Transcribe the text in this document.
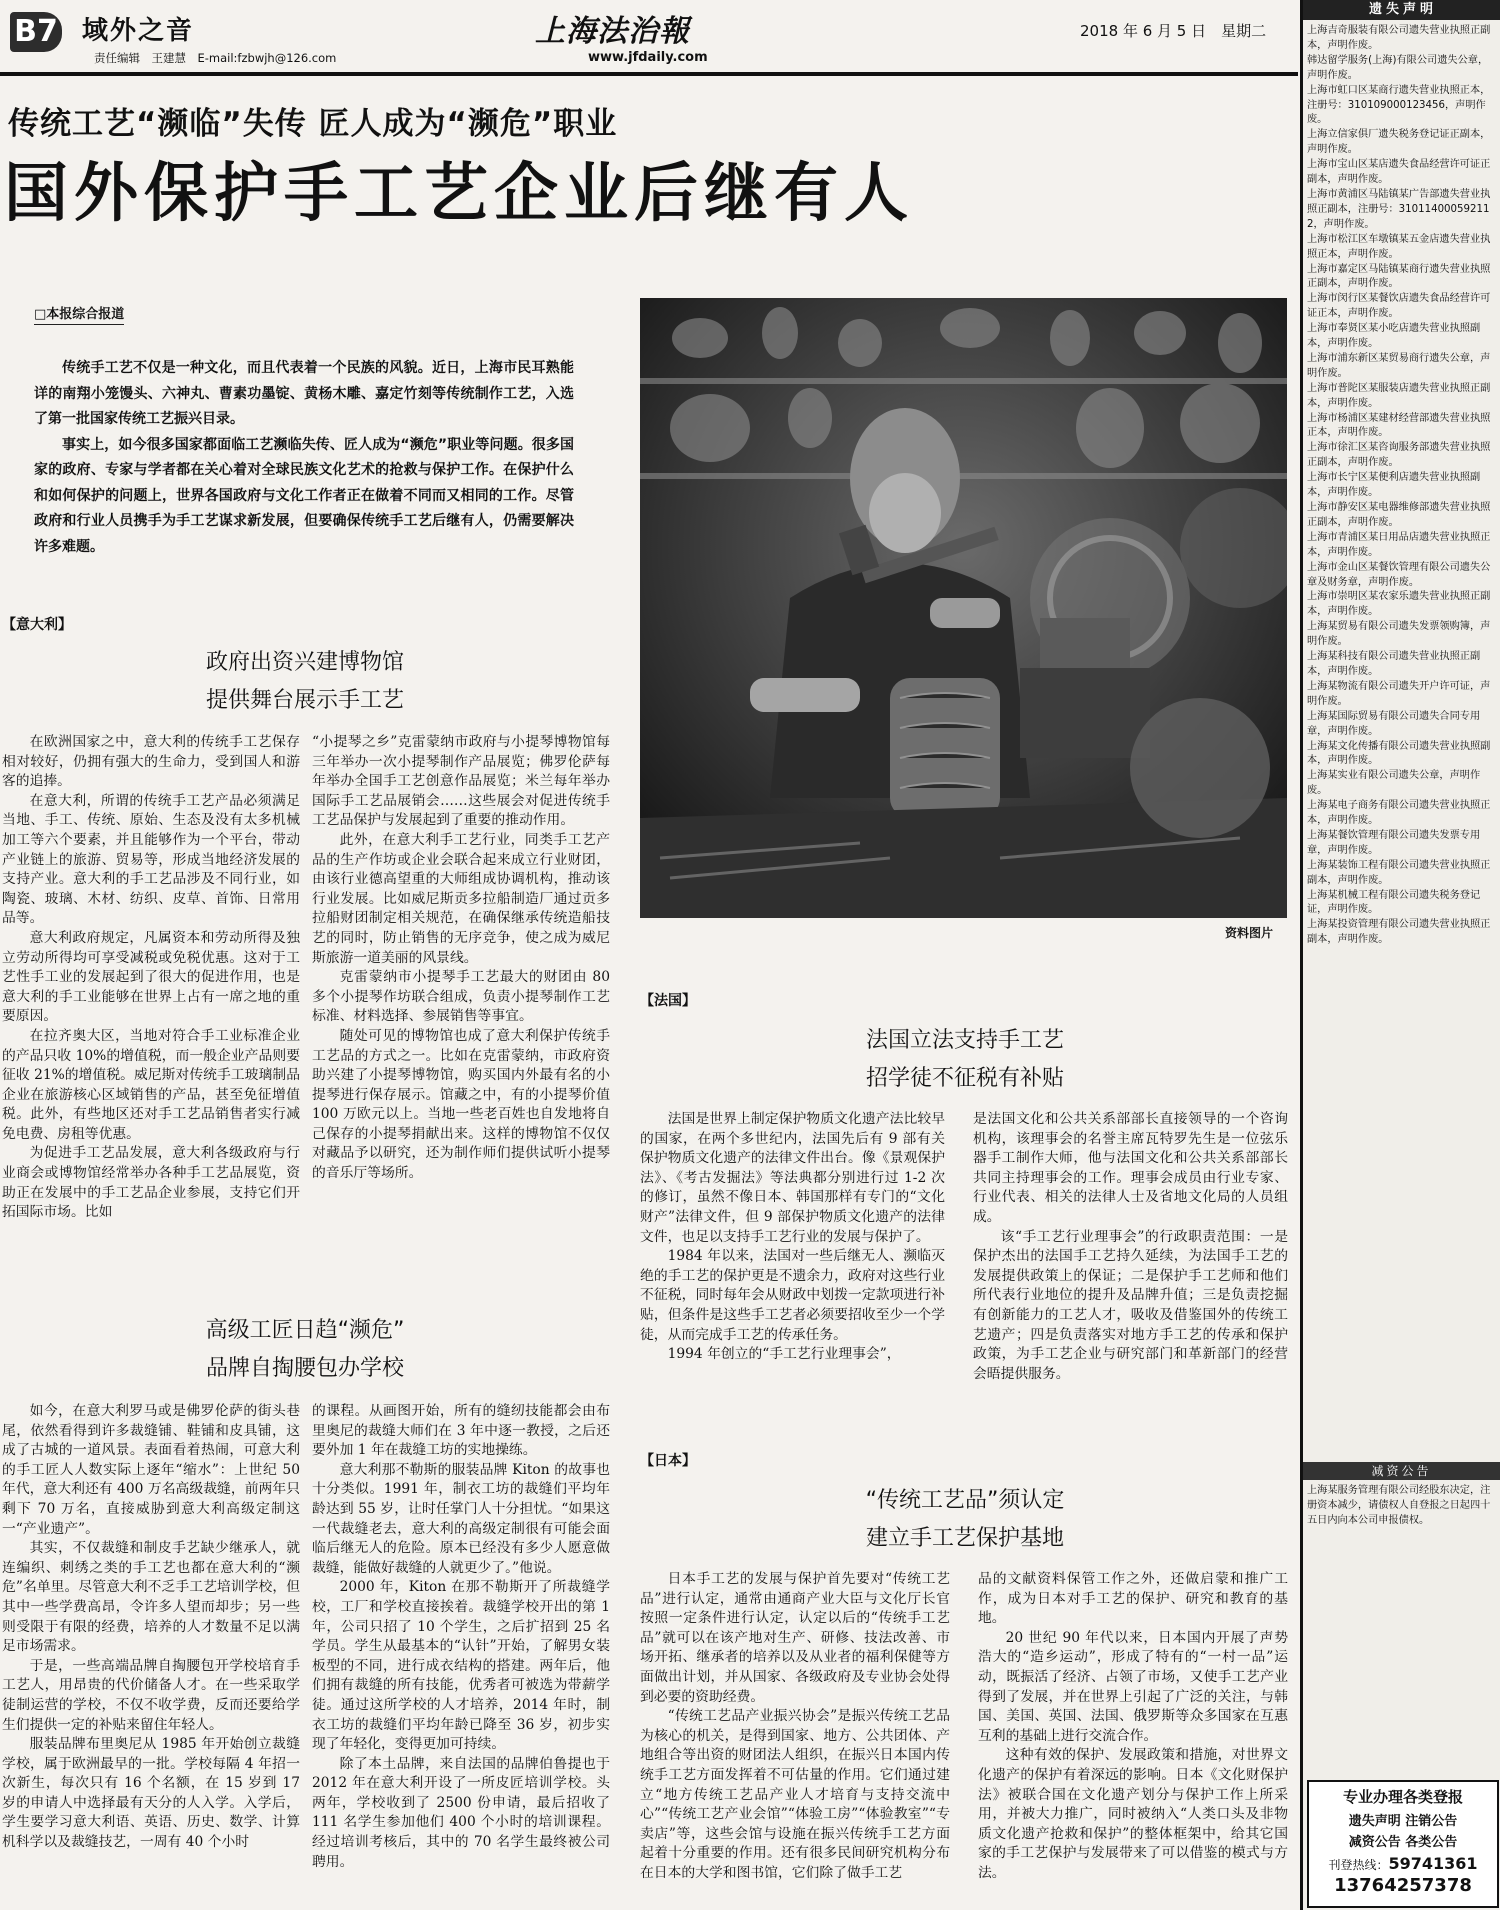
B7 域外之音
责任编辑　王建慧　E-mail:fzbwjh@126.com
上海法治報
www.jfdaily.com
2018 年 6 月 5 日　星期二
传统工艺“濒临”失传 匠人成为“濒危”职业
国外保护手工艺企业后继有人
□本报综合报道

传统手工艺不仅是一种文化，而且代表着一个民族的风貌。近日，上海市民耳熟能详的南翔小笼馒头、六神丸、曹素功墨锭、黄杨木雕、嘉定竹刻等传统制作工艺，入选了第一批国家传统工艺振兴目录。

事实上，如今很多国家都面临工艺濒临失传、匠人成为“濒危”职业等问题。很多国家的政府、专家与学者都在关心着对全球民族文化艺术的抢救与保护工作。在保护什么和如何保护的问题上，世界各国政府与文化工作者正在做着不同而又相同的工作。尽管政府和行业人员携手为手工艺谋求新发展，但要确保传统手工艺后继有人，仍需要解决许多难题。

资料图片
【意大利】
政府出资兴建博物馆
提供舞台展示手工艺

在欧洲国家之中，意大利的传统手工艺保存相对较好，仍拥有强大的生命力，受到国人和游客的追捧。

在意大利，所谓的传统手工艺产品必须满足当地、手工、传统、原始、生态及没有太多机械加工等六个要素，并且能够作为一个平台，带动产业链上的旅游、贸易等，形成当地经济发展的支持产业。意大利的手工艺品涉及不同行业，如陶瓷、玻璃、木材、纺织、皮草、首饰、日常用品等。

意大利政府规定，凡属资本和劳动所得及独立劳动所得均可享受减税或免税优惠。这对于工艺性手工业的发展起到了很大的促进作用，也是意大利的手工业能够在世界上占有一席之地的重要原因。

在拉齐奥大区，当地对符合手工业标准企业的产品只收 10%的增值税，而一般企业产品则要征收 21%的增值税。威尼斯对传统手工玻璃制品企业在旅游核心区域销售的产品，甚至免征增值税。此外，有些地区还对手工艺品销售者实行减免电费、房租等优惠。

为促进手工艺品发展，意大利各级政府与行业商会或博物馆经常举办各种手工艺品展览，资助正在发展中的手工艺品企业参展，支持它们开拓国际市场。比如

“小提琴之乡”克雷蒙纳市政府与小提琴博物馆每三年举办一次小提琴制作产品展览；佛罗伦萨每年举办全国手工艺创意作品展览；米兰每年举办国际手工艺品展销会……这些展会对促进传统手工艺品保护与发展起到了重要的推动作用。

此外，在意大利手工艺行业，同类手工艺产品的生产作坊或企业会联合起来成立行业财团，由该行业德高望重的大师组成协调机构，推动该行业发展。比如威尼斯贡多拉船制造厂通过贡多拉船财团制定相关规范，在确保继承传统造船技艺的同时，防止销售的无序竞争，使之成为威尼斯旅游一道美丽的风景线。

克雷蒙纳市小提琴手工艺最大的财团由 80 多个小提琴作坊联合组成，负责小提琴制作工艺标准、材料选择、参展销售等事宜。

随处可见的博物馆也成了意大利保护传统手工艺品的方式之一。比如在克雷蒙纳，市政府资助兴建了小提琴博物馆，购买国内外最有名的小提琴进行保存展示。馆藏之中，有的小提琴价值 100 万欧元以上。当地一些老百姓也自发地将自己保存的小提琴捐献出来。这样的博物馆不仅仅对藏品予以研究，还为制作师们提供试听小提琴的音乐厅等场所。

高级工匠日趋“濒危”
品牌自掏腰包办学校

如今，在意大利罗马或是佛罗伦萨的街头巷尾，依然看得到许多裁缝铺、鞋铺和皮具铺，这成了古城的一道风景。表面看着热闹，可意大利的手工匠人人数实际上逐年“缩水”：上世纪 50 年代，意大利还有 400 万名高级裁缝，前两年只剩下 70 万名，直接威胁到意大利高级定制这一“产业遗产”。

其实，不仅裁缝和制皮手艺缺少继承人，就连编织、刺绣之类的手工艺也都在意大利的“濒危”名单里。尽管意大利不乏手工艺培训学校，但其中一些学费高昂，令许多人望而却步；另一些则受限于有限的经费，培养的人才数量不足以满足市场需求。

于是，一些高端品牌自掏腰包开学校培育手工艺人，用昂贵的代价储备人才。在一些采取学徒制运营的学校，不仅不收学费，反而还要给学生们提供一定的补贴来留住年轻人。

服装品牌布里奥尼从 1985 年开始创立裁缝学校，属于欧洲最早的一批。学校每隔 4 年招一次新生，每次只有 16 个名额，在 15 岁到 17 岁的申请人中选择最有天分的人入学。入学后，学生要学习意大利语、英语、历史、数学、计算机科学以及裁缝技艺，一周有 40 个小时

的课程。从画图开始，所有的缝纫技能都会由布里奥尼的裁缝大师们在 3 年中逐一教授，之后还要外加 1 年在裁缝工坊的实地操练。

意大利那不勒斯的服装品牌 Kiton 的故事也十分类似。1991 年，制衣工坊的裁缝们平均年龄达到 55 岁，让时任掌门人十分担忧。“如果这一代裁缝老去，意大利的高级定制很有可能会面临后继无人的危险。原本已经没有多少人愿意做裁缝，能做好裁缝的人就更少了。”他说。

2000 年，Kiton 在那不勒斯开了所裁缝学校，工厂和学校直接挨着。裁缝学校开出的第 1 年，公司只招了 10 个学生，之后扩招到 25 名学员。学生从最基本的“认针”开始，了解男女装板型的不同，进行成衣结构的搭建。两年后，他们拥有裁缝的所有技能，优秀者可被选为带薪学徒。通过这所学校的人才培养，2014 年时，制衣工坊的裁缝们平均年龄已降至 36 岁，初步实现了年轻化，变得更加可持续。

除了本土品牌，来自法国的品牌伯鲁提也于 2012 年在意大利开设了一所皮匠培训学校。头两年，学校收到了 2500 份申请，最后招收了 111 名学生参加他们 400 个小时的培训课程。经过培训考核后，其中的 70 名学生最终被公司聘用。

【法国】
法国立法支持手工艺
招学徒不征税有补贴

法国是世界上制定保护物质文化遗产法比较早的国家，在两个多世纪内，法国先后有 9 部有关保护物质文化遗产的法律文件出台。像《景观保护法》、《考古发掘法》等法典都分别进行过 1-2 次的修订，虽然不像日本、韩国那样有专门的“文化财产”法律文件，但 9 部保护物质文化遗产的法律文件，也足以支持手工艺行业的发展与保护了。

1984 年以来，法国对一些后继无人、濒临灭绝的手工艺的保护更是不遗余力，政府对这些行业不征税，同时每年会从财政中划拨一定款项进行补贴，但条件是这些手工艺者必须要招收至少一个学徒，从而完成手工艺的传承任务。

1994 年创立的“手工艺行业理事会”，

是法国文化和公共关系部部长直接领导的一个咨询机构，该理事会的名誉主席瓦特罗先生是一位弦乐器手工制作大师，他与法国文化和公共关系部部长共同主持理事会的工作。理事会成员由行业专家、行业代表、相关的法律人士及省地文化局的人员组成。

该“手工艺行业理事会”的行政职责范围：一是保护杰出的法国手工艺持久延续，为法国手工艺的发展提供政策上的保证；二是保护手工艺师和他们所代表行业地位的提升及品牌升值；三是负责挖掘有创新能力的工艺人才，吸收及借鉴国外的传统工艺遗产；四是负责落实对地方手工艺的传承和保护政策，为手工艺企业与研究部门和革新部门的经营会晤提供服务。

【日本】
“传统工艺品”须认定
建立手工艺保护基地

日本手工艺的发展与保护首先要对“传统工艺品”进行认定，通常由通商产业大臣与文化厅长官按照一定条件进行认定，认定以后的“传统手工艺品”就可以在该产地对生产、研修、技法改善、市场开拓、继承者的培养以及从业者的福利保健等方面做出计划，并从国家、各级政府及专业协会处得到必要的资助经费。

“传统工艺品产业振兴协会”是振兴传统工艺品为核心的机关，是得到国家、地方、公共团体、产地组合等出资的财团法人组织，在振兴日本国内传统手工艺方面发挥着不可估量的作用。它们通过建立“地方传统工艺品产业人才培育与支持交流中心”“传统工艺产业会馆”“体验工房”“体验教室”“专卖店”等，这些会馆与设施在振兴传统手工艺方面起着十分重要的作用。还有很多民间研究机构分布在日本的大学和图书馆，它们除了做手工艺

品的文献资料保管工作之外，还做启蒙和推广工作，成为日本对手工艺的保护、研究和教育的基地。

20 世纪 90 年代以来，日本国内开展了声势浩大的“造乡运动”，形成了特有的“一村一品”运动，既振活了经济、占领了市场，又使手工艺产业得到了发展，并在世界上引起了广泛的关注，与韩国、美国、英国、法国、俄罗斯等众多国家在互惠互利的基础上进行交流合作。

这种有效的保护、发展政策和措施，对世界文化遗产的保护有着深远的影响。日本《文化财保护法》被联合国在文化遗产划分与保护工作上所采用，并被大力推广，同时被纳入“人类口头及非物质文化遗产抢救和保护”的整体框架中，给其它国家的手工艺保护与发展带来了可以借鉴的模式与方法。

遗失声明

上海吉奇服装有限公司遗失营业执照正副本，声明作废。

韩达留学服务(上海)有限公司遗失公章，声明作废。

上海市虹口区某商行遗失营业执照正本，注册号：310109000123456，声明作废。

上海立信家俱厂遗失税务登记证正副本，声明作废。

上海市宝山区某店遗失食品经营许可证正副本，声明作废。

上海市黄浦区马陆镇某广告部遗失营业执照正副本，注册号：310114000592112，声明作废。

上海市松江区车墩镇某五金店遗失营业执照正本，声明作废。

上海市嘉定区马陆镇某商行遗失营业执照正副本，声明作废。

上海市闵行区某餐饮店遗失食品经营许可证正本，声明作废。

上海市奉贤区某小吃店遗失营业执照副本，声明作废。

上海市浦东新区某贸易商行遗失公章，声明作废。

上海市普陀区某服装店遗失营业执照正副本，声明作废。

上海市杨浦区某建材经营部遗失营业执照正本，声明作废。

上海市徐汇区某咨询服务部遗失营业执照正副本，声明作废。

上海市长宁区某便利店遗失营业执照副本，声明作废。

上海市静安区某电器维修部遗失营业执照正副本，声明作废。

上海市青浦区某日用品店遗失营业执照正本，声明作废。

上海市金山区某餐饮管理有限公司遗失公章及财务章，声明作废。

上海市崇明区某农家乐遗失营业执照正副本，声明作废。

上海某贸易有限公司遗失发票领购簿，声明作废。

上海某科技有限公司遗失营业执照正副本，声明作废。

上海某物流有限公司遗失开户许可证，声明作废。

上海某国际贸易有限公司遗失合同专用章，声明作废。

上海某文化传播有限公司遗失营业执照副本，声明作废。

上海某实业有限公司遗失公章，声明作废。

上海某电子商务有限公司遗失营业执照正本，声明作废。

上海某餐饮管理有限公司遗失发票专用章，声明作废。

上海某装饰工程有限公司遗失营业执照正副本，声明作废。

上海某机械工程有限公司遗失税务登记证，声明作废。

上海某投资管理有限公司遗失营业执照正副本，声明作废。

减资公告

上海某服务管理有限公司经股东决定，注册资本减少，请债权人自登报之日起四十五日内向本公司申报债权。

专业办理各类登报
遗失声明 注销公告
减资公告 各类公告
刊登热线：59741361
13764257378
